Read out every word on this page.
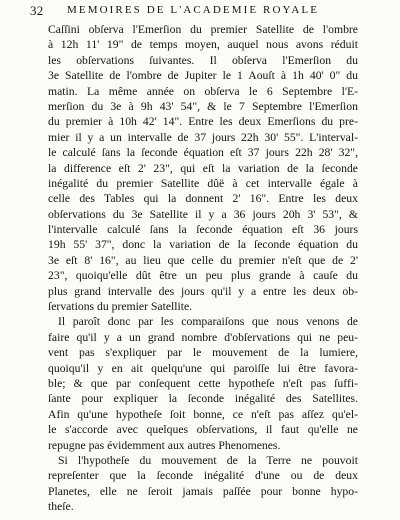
32 MEMOIRES DE L'ACADEMIE ROYALE
Caſſini obſerva l'Emerſion du premier Satellite de l'ombre
à 12h 11' 19" de temps moyen, auquel nous avons réduit
les obſervations ſuivantes. Il obſerva l'Emerſion du
3e Satellite de l'ombre de Jupiter le 1 Aouſt à 1h 40' 0" du
matin. La même année on obſerva le 6 Septembre l'E-
merſion du 3e à 9h 43' 54", & le 7 Septembre l'Emerſion
du premier à 10h 42' 14". Entre les deux Emerſions du pre-
mier il y a un intervalle de 37 jours 22h 30' 55". L'interval-
le calculé ſans la ſeconde équation eſt 37 jours 22h 28' 32",
la difference eſt 2' 23", qui eſt la variation de la ſeconde
inégalité du premier Satellite dûë à cet intervalle égale à
celle des Tables qui la donnent 2' 16". Entre les deux
obſervations du 3e Satellite il y a 36 jours 20h 3' 53", &
l'intervalle calculé ſans la ſeconde équation eſt 36 jours
19h 55' 37", donc la variation de la ſeconde équation du
3e eſt 8' 16", au lieu que celle du premier n'eſt que de 2'
23", quoiqu'elle dût être un peu plus grande à cauſe du
plus grand intervalle des jours qu'il y a entre les deux ob-
ſervations du premier Satellite.
Il paroît donc par les comparaiſons que nous venons de
faire qu'il y a un grand nombre d'obſervations qui ne peu-
vent pas s'expliquer par le mouvement de la lumiere,
quoiqu'il y en ait quelqu'une qui paroiſſe lui être favora-
ble; & que par conſequent cette hypotheſe n'eſt pas ſuffi-
ſante pour expliquer la ſeconde inégalité des Satellites.
Afin qu'une hypotheſe ſoit bonne, ce n'eſt pas aſſez qu'el-
le s'accorde avec quelques obſervations, il faut qu'elle ne
repugne pas évidemment aux autres Phenomenes.
Si l'hypotheſe du mouvement de la Terre ne pouvoit
repreſenter que la ſeconde inégalité d'une ou de deux
Planetes, elle ne ſeroit jamais paſſée pour bonne hypo-
theſe.
